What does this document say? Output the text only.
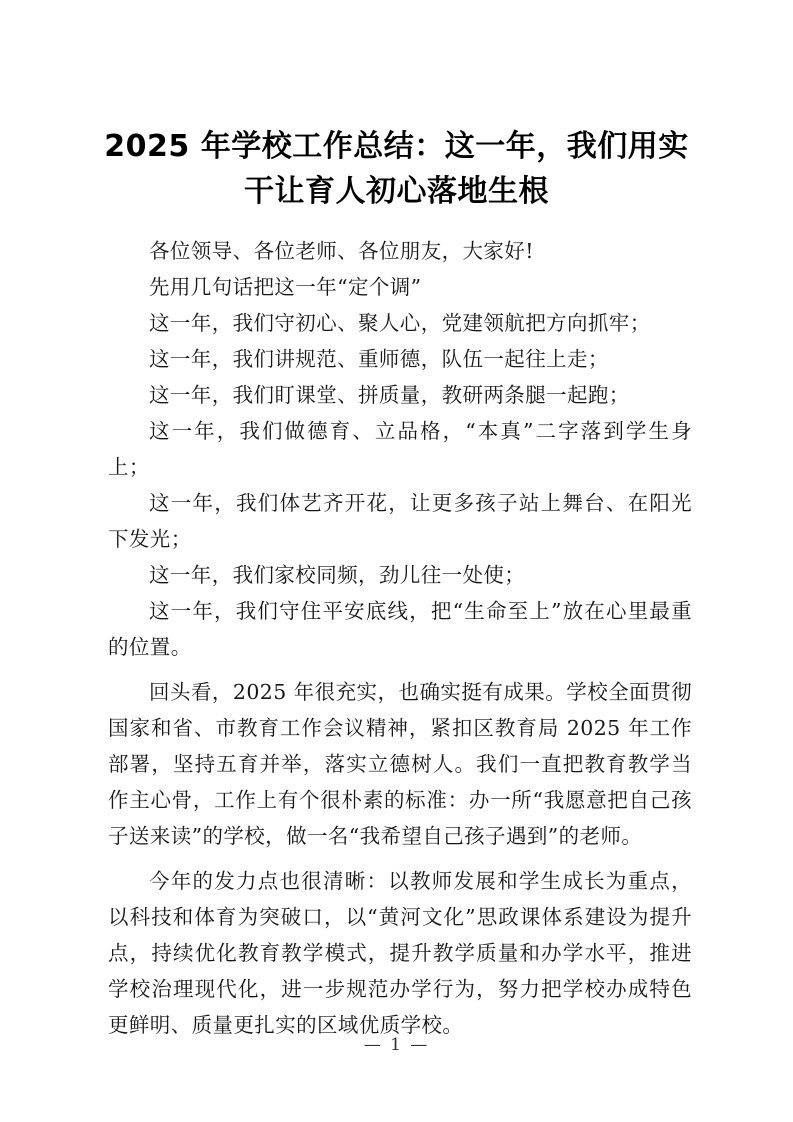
2025 年学校工作总结：这一年，我们用实
干让育人初心落地生根

各位领导、各位老师、各位朋友，大家好!

先用几句话把这一年“定个调”

这一年，我们守初心、聚人心，党建领航把方向抓牢；

这一年，我们讲规范、重师德，队伍一起往上走；

这一年，我们盯课堂、拼质量，教研两条腿一起跑；

这一年，我们做德育、立品格，“本真”二字落到学生身上；

这一年，我们体艺齐开花，让更多孩子站上舞台、在阳光下发光；

这一年，我们家校同频，劲儿往一处使；

这一年，我们守住平安底线，把“生命至上”放在心里最重的位置。

回头看，2025 年很充实，也确实挺有成果。学校全面贯彻国家和省、市教育工作会议精神，紧扣区教育局 2025 年工作部署，坚持五育并举，落实立德树人。我们一直把教育教学当作主心骨，工作上有个很朴素的标准：办一所“我愿意把自己孩子送来读”的学校，做一名“我希望自己孩子遇到”的老师。

今年的发力点也很清晰：以教师发展和学生成长为重点，以科技和体育为突破口，以“黄河文化”思政课体系建设为提升点，持续优化教育教学模式，提升教学质量和办学水平，推进学校治理现代化，进一步规范办学行为，努力把学校办成特色更鲜明、质量更扎实的区域优质学校。

— 1 —
